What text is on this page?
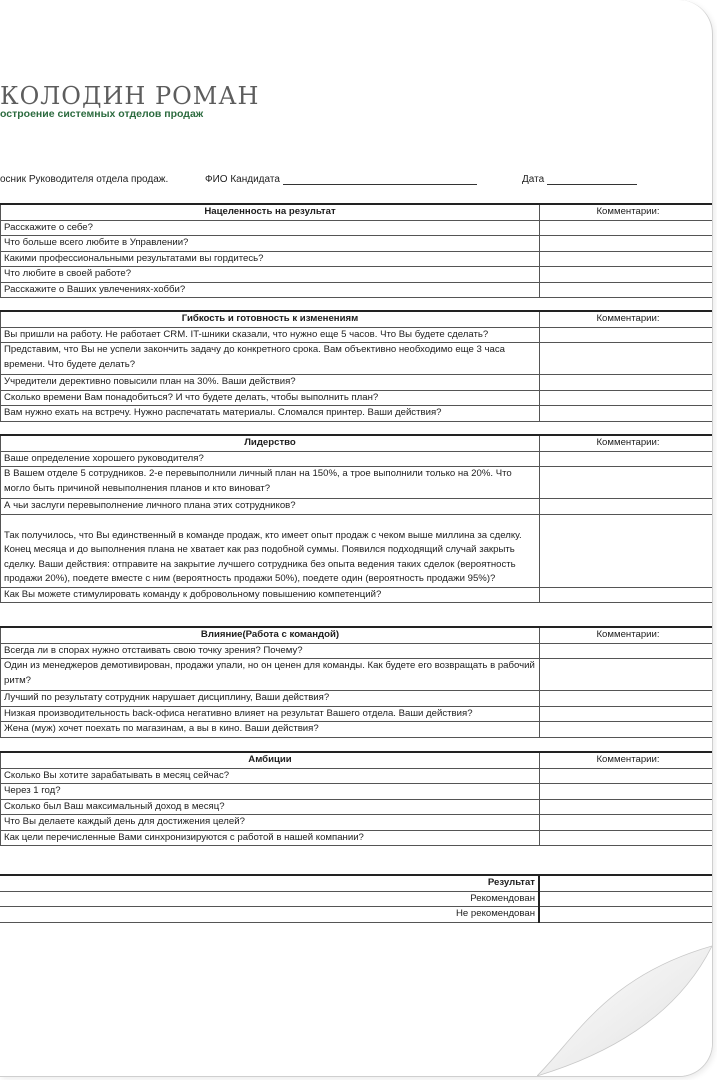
КОЛОДИН РОМАН
остроение системных отделов продаж
осник Руководителя отдела продаж.	ФИО Кандидата	Дата
Нацеленность на результат	Комментарии:
Расскажите о себе?	
Что больше всего любите в Управлении?	
Какими профессиональными результатами вы гордитесь?	
Что любите в своей работе?	
Расскажите о Ваших увлечениях-хобби?	
Гибкость и готовность к изменениям	Комментарии:
Вы пришли на работу. Не работает CRM. IT-шники сказали, что нужно еще 5 часов. Что Вы будете сделать?	
Представим, что Вы не успели закончить задачу до конкретного срока. Вам объективно необходимо еще 3 часа времени. Что будете делать?	
Учредители дерективно повысили план на 30%. Ваши действия?	
Сколько времени Вам понадобиться? И что будете делать, чтобы выполнить план?	
Вам нужно ехать на встречу. Нужно распечатать материалы. Сломался принтер. Ваши действия?	
Лидерство	Комментарии:
Ваше определение хорошего руководителя?	
В Вашем отделе 5 сотрудников. 2-е перевыполнили личный план на 150%, а трое выполнили только на 20%. Что могло быть причиной невыполнения планов и кто виноват?	
А чьи заслуги перевыполнение личного плана этих сотрудников?	
Так получилось, что Вы единственный в команде продаж, кто имеет опыт продаж с чеком выше миллина за сделку. Конец месяца и до выполнения плана не хватает как раз подобной суммы. Появился подходящий случай закрыть сделку. Ваши действия: отправите на закрытие лучшего сотрудника без опыта ведения таких сделок (вероятность продажи 20%), поедете вместе с ним (вероятность продажи 50%), поедете один (вероятность продажи 95%)?	
Как Вы можете стимулировать команду к добровольному повышению компетенций?	
Влияние(Работа с командой)	Комментарии:
Всегда ли в спорах нужно отстаивать свою точку зрения? Почему?	
Один из менеджеров демотивирован, продажи упали, но он ценен для команды. Как будете его возвращать в рабочий ритм?	
Лучший по результату сотрудник нарушает дисциплину, Ваши действия?	
Низкая производительность back-офиса негативно влияет на результат Вашего отдела. Ваши действия?	
Жена (муж) хочет поехать по магазинам, а вы в кино. Ваши действия?	
Амбиции	Комментарии:
Сколько Вы хотите зарабатывать в месяц сейчас?	
Через 1 год?	
Сколько был Ваш максимальный доход в месяц?	
Что Вы делаете каждый день для достижения целей?	
Как цели перечисленные Вами синхронизируются с работой в нашей компании?	
Результат	
Рекомендован	
Не рекомендован	
